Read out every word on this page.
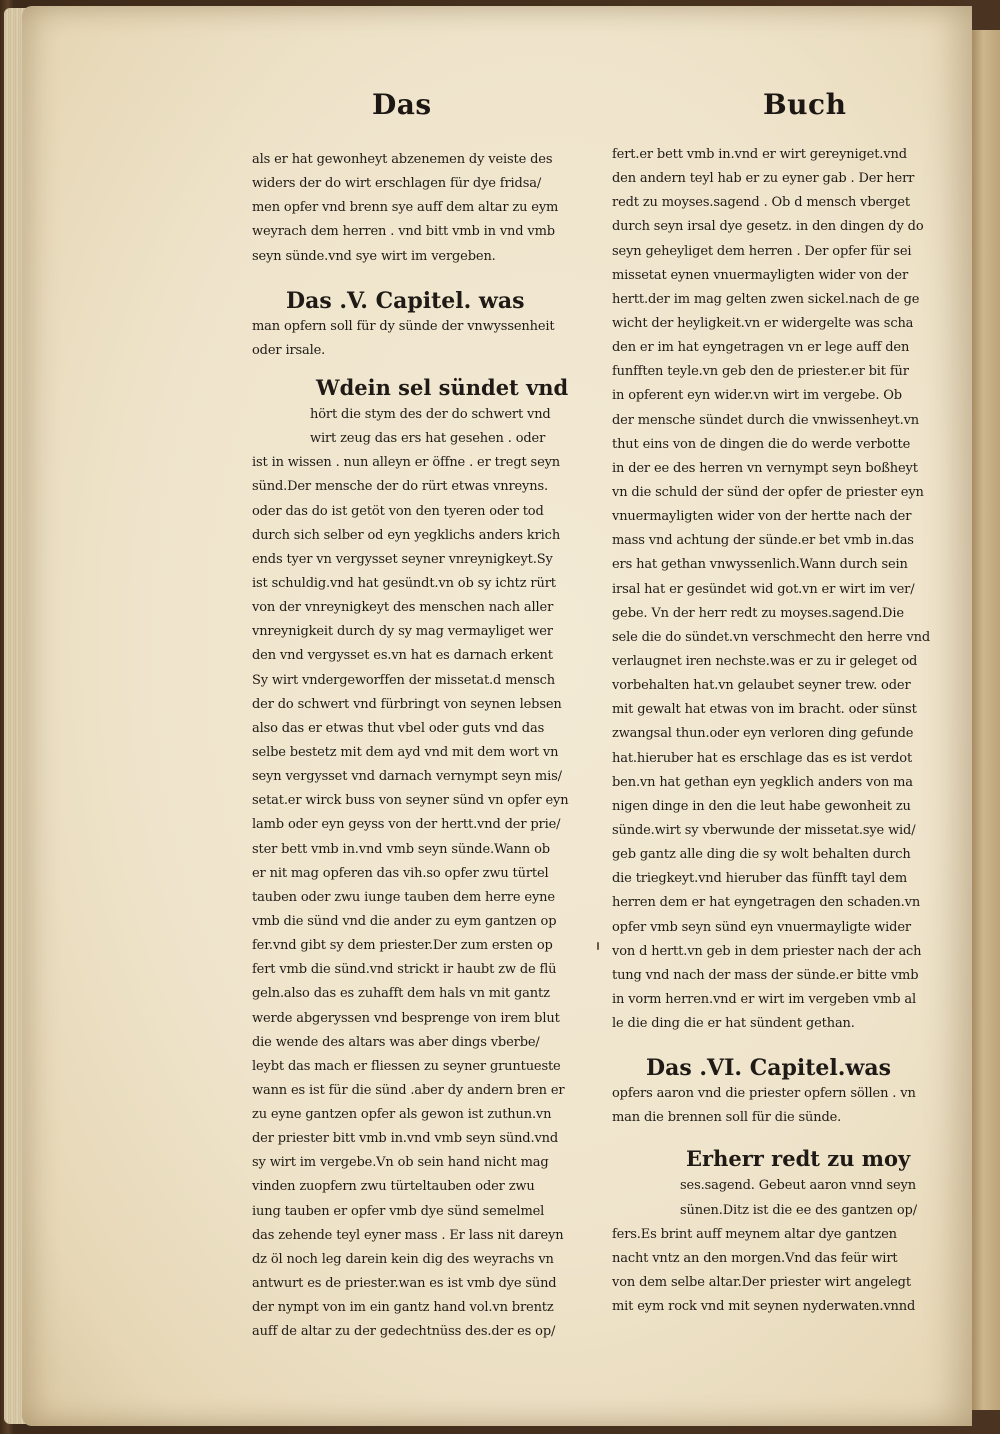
Das	Buch
als er hat gewonheyt abzenemen dy veiste des
widers der do wirt erschlagen für dye fridsa/
men opfer vnd brenn sye auff dem altar zu eym
weyrach dem herren . vnd bitt vmb in vnd vmb
seyn sünde.vnd sye wirt im vergeben.
Das .V. Capitel. was
man opfern soll für dy sünde der vnwyssenheit
oder irsale.
Wdein sel sündet vnd
hört die stym des der do schwert vnd
wirt zeug das ers hat gesehen . oder
ist in wissen . nun alleyn er öffne . er tregt seyn
sünd.Der mensche der do rürt etwas vnreyns.
oder das do ist getöt von den tyeren oder tod
durch sich selber od eyn yegklichs anders krich
ends tyer vn vergysset seyner vnreynigkeyt.Sy
ist schuldig.vnd hat gesündt.vn ob sy ichtz rürt
von der vnreynigkeyt des menschen nach aller
vnreynigkeit durch dy sy mag vermayliget wer
den vnd vergysset es.vn hat es darnach erkent
Sy wirt vndergeworffen der missetat.d mensch
der do schwert vnd fürbringt von seynen lebsen
also das er etwas thut vbel oder guts vnd das
selbe bestetz mit dem ayd vnd mit dem wort vn
seyn vergysset vnd darnach vernympt seyn mis/
setat.er wirck buss von seyner sünd vn opfer eyn
lamb oder eyn geyss von der hertt.vnd der prie/
ster bett vmb in.vnd vmb seyn sünde.Wann ob
er nit mag opferen das vih.so opfer zwu türtel
tauben oder zwu iunge tauben dem herre eyne
vmb die sünd vnd die ander zu eym gantzen op
fer.vnd gibt sy dem priester.Der zum ersten op
fert vmb die sünd.vnd strickt ir haubt zw de flü
geln.also das es zuhafft dem hals vn mit gantz
werde abgeryssen vnd besprenge von irem blut
die wende des altars was aber dings vberbe/
leybt das mach er fliessen zu seyner gruntueste
wann es ist für die sünd .aber dy andern bren er
zu eyne gantzen opfer als gewon ist zuthun.vn
der priester bitt vmb in.vnd vmb seyn sünd.vnd
sy wirt im vergebe.Vn ob sein hand nicht mag
vinden zuopfern zwu türteltauben oder zwu
iung tauben er opfer vmb dye sünd semelmel
das zehende teyl eyner mass . Er lass nit dareyn
dz öl noch leg darein kein dig des weyrachs vn
antwurt es de priester.wan es ist vmb dye sünd
der nympt von im ein gantz hand vol.vn brentz
auff de altar zu der gedechtnüss des.der es op/
fert.er bett vmb in.vnd er wirt gereyniget.vnd
den andern teyl hab er zu eyner gab . Der herr
redt zu moyses.sagend . Ob d mensch vberget
durch seyn irsal dye gesetz. in den dingen dy do
seyn geheyliget dem herren . Der opfer für sei
missetat eynen vnuermayligten wider von der
hertt.der im mag gelten zwen sickel.nach de ge
wicht der heyligkeit.vn er widergelte was scha
den er im hat eyngetragen vn er lege auff den
funfften teyle.vn geb den de priester.er bit für
in opferent eyn wider.vn wirt im vergebe. Ob
der mensche sündet durch die vnwissenheyt.vn
thut eins von de dingen die do werde verbotte
in der ee des herren vn vernympt seyn boßheyt
vn die schuld der sünd der opfer de priester eyn
vnuermayligten wider von der hertte nach der
mass vnd achtung der sünde.er bet vmb in.das
ers hat gethan vnwyssenlich.Wann durch sein
irsal hat er gesündet wid got.vn er wirt im ver/
gebe. Vn der herr redt zu moyses.sagend.Die
sele die do sündet.vn verschmecht den herre vnd
verlaugnet iren nechste.was er zu ir geleget od
vorbehalten hat.vn gelaubet seyner trew. oder
mit gewalt hat etwas von im bracht. oder sünst
zwangsal thun.oder eyn verloren ding gefunde
hat.hieruber hat es erschlage das es ist verdot
ben.vn hat gethan eyn yegklich anders von ma
nigen dinge in den die leut habe gewonheit zu
sünde.wirt sy vberwunde der missetat.sye wid/
geb gantz alle ding die sy wolt behalten durch
die triegkeyt.vnd hieruber das fünfft tayl dem
herren dem er hat eyngetragen den schaden.vn
opfer vmb seyn sünd eyn vnuermayligte wider
von d hertt.vn geb in dem priester nach der ach
tung vnd nach der mass der sünde.er bitte vmb
in vorm herren.vnd er wirt im vergeben vmb al
le die ding die er hat sündent gethan.
Das .VI. Capitel.was
opfers aaron vnd die priester opfern söllen . vn
man die brennen soll für die sünde.
Erherr redt zu moy
ses.sagend. Gebeut aaron vnnd seyn
sünen.Ditz ist die ee des gantzen op/
fers.Es brint auff meynem altar dye gantzen
nacht vntz an den morgen.Vnd das feür wirt
von dem selbe altar.Der priester wirt angelegt
mit eym rock vnd mit seynen nyderwaten.vnnd
